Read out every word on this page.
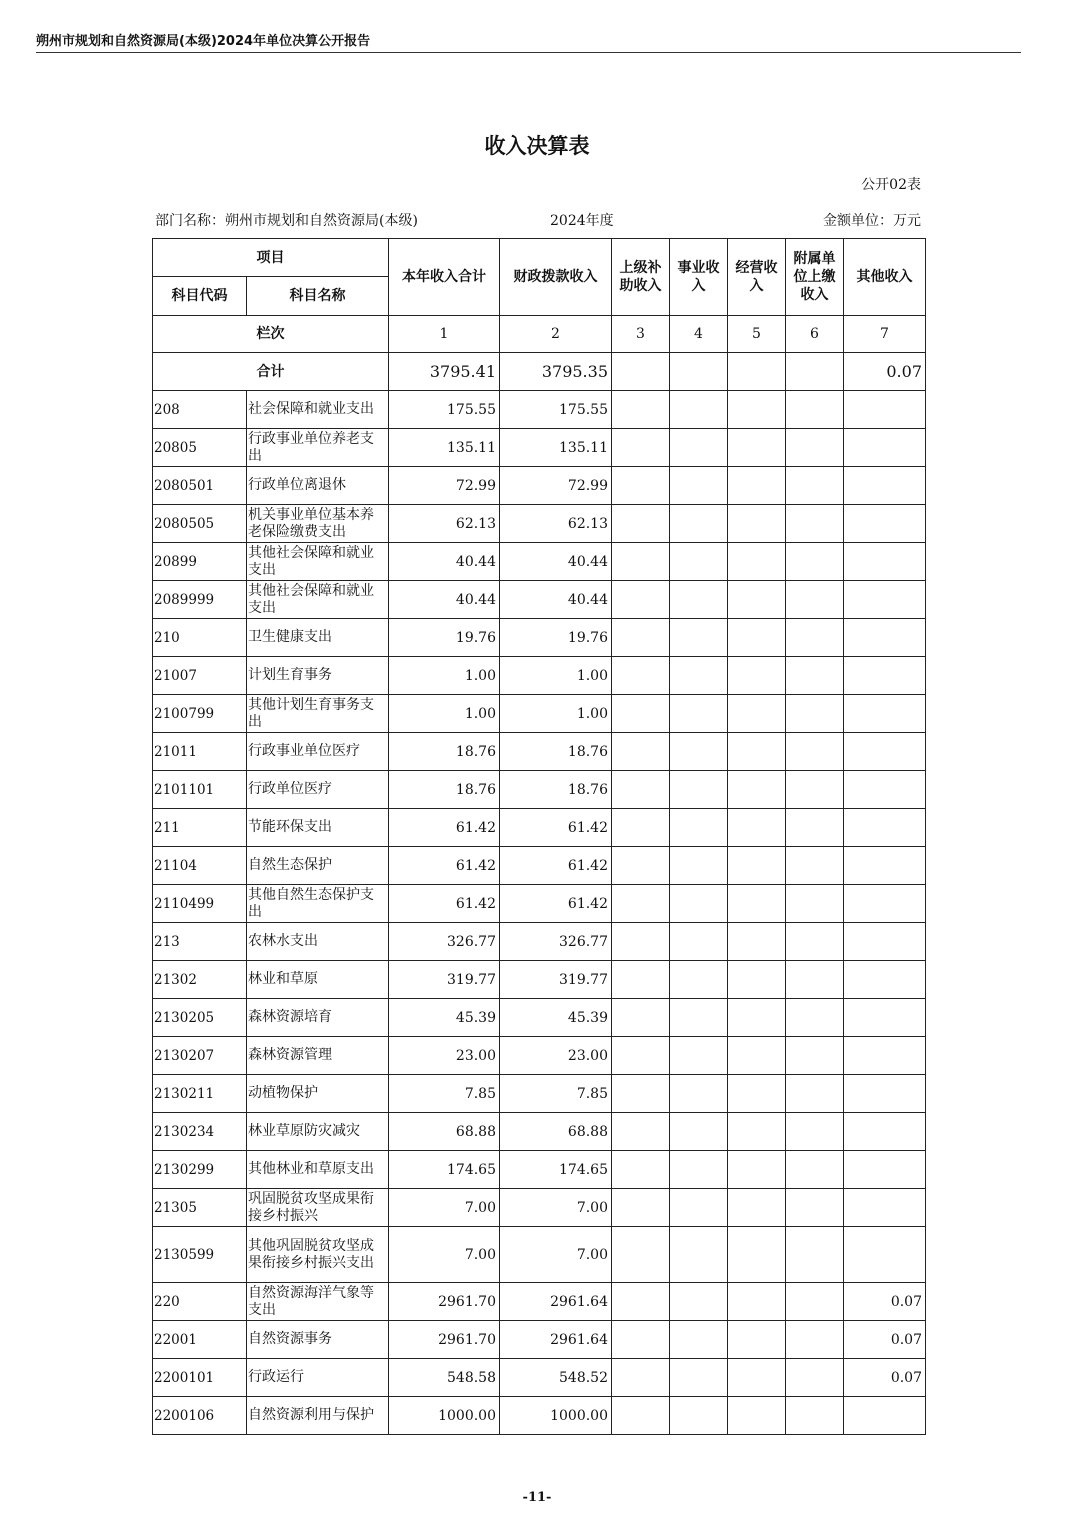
朔州市规划和自然资源局(本级)2024年单位决算公开报告
收入决算表
公开02表
部门名称：朔州市规划和自然资源局(本级)	2024年度	金额单位：万元
项目		本年收入合计	财政拨款收入	上级补助收入	事业收入	经营收入	附属单位上缴收入	其他收入
科目代码	科目名称							
栏次		1	2	3	4	5	6	7
合计		3795.41	3795.35					0.07
208	社会保障和就业支出	175.55	175.55					
20805	行政事业单位养老支出	135.11	135.11					
2080501	行政单位离退休	72.99	72.99					
2080505	机关事业单位基本养老保险缴费支出	62.13	62.13					
20899	其他社会保障和就业支出	40.44	40.44					
2089999	其他社会保障和就业支出	40.44	40.44					
210	卫生健康支出	19.76	19.76					
21007	计划生育事务	1.00	1.00					
2100799	其他计划生育事务支出	1.00	1.00					
21011	行政事业单位医疗	18.76	18.76					
2101101	行政单位医疗	18.76	18.76					
211	节能环保支出	61.42	61.42					
21104	自然生态保护	61.42	61.42					
2110499	其他自然生态保护支出	61.42	61.42					
213	农林水支出	326.77	326.77					
21302	林业和草原	319.77	319.77					
2130205	森林资源培育	45.39	45.39					
2130207	森林资源管理	23.00	23.00					
2130211	动植物保护	7.85	7.85					
2130234	林业草原防灾减灾	68.88	68.88					
2130299	其他林业和草原支出	174.65	174.65					
21305	巩固脱贫攻坚成果衔接乡村振兴	7.00	7.00					
2130599	其他巩固脱贫攻坚成果衔接乡村振兴支出	7.00	7.00					
220	自然资源海洋气象等支出	2961.70	2961.64					0.07
22001	自然资源事务	2961.70	2961.64					0.07
2200101	行政运行	548.58	548.52					0.07
2200106	自然资源利用与保护	1000.00	1000.00					
-11-
